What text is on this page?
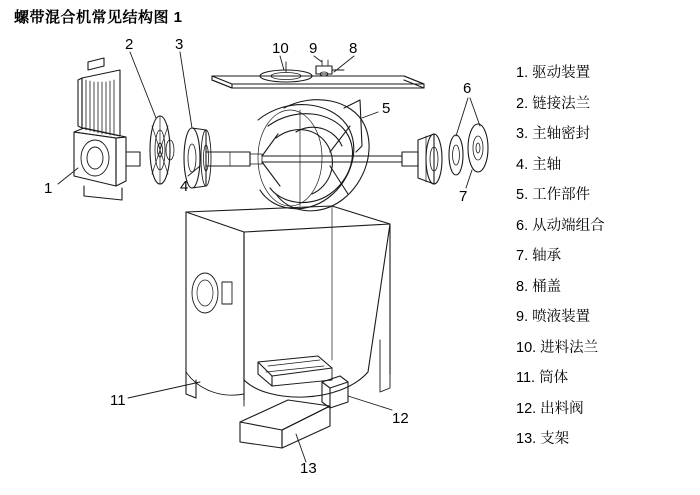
螺带混合机常见结构图 1
1
2	3
4
5
6
7
8
9
10
11
12
13
1. 驱动装置
2. 链接法兰
3. 主轴密封
4. 主轴
5. 工作部件
6. 从动端组合
7. 轴承
8. 桶盖
9. 喷液装置
10. 进料法兰
11. 筒体
12. 出料阀
13. 支架
